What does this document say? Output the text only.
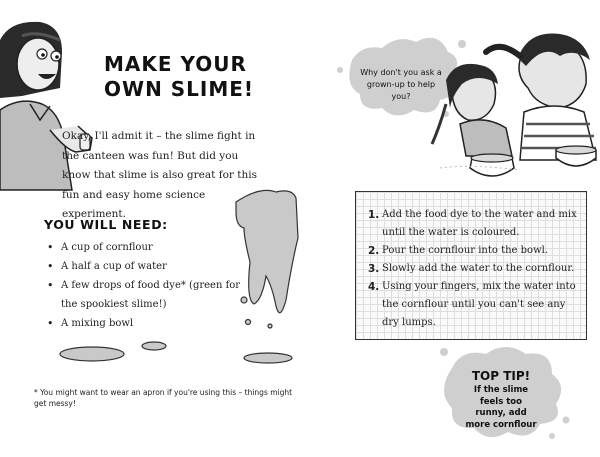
MAKE YOUR
OWN SLIME!
Okay, I'll admit it – the slime fight in the canteen was fun! But did you know that slime is also great for this fun and easy home science experiment.
YOU WILL NEED:
• A cup of cornflour
• A half a cup of water
• A few drops of food dye* (green for the spookiest slime!)
• A mixing bowl
* You might want to wear an apron if you're using this – things might get messy!
Why don't you ask a grown-up to help you?
1. Add the food dye to the water and mix until the water is coloured.
2. Pour the cornflour into the bowl.
3. Slowly add the water to the cornflour.
4. Using your fingers, mix the water into the cornflour until you can't see any dry lumps.
TOP TIP!
If the slime feels too runny, add more cornflour
